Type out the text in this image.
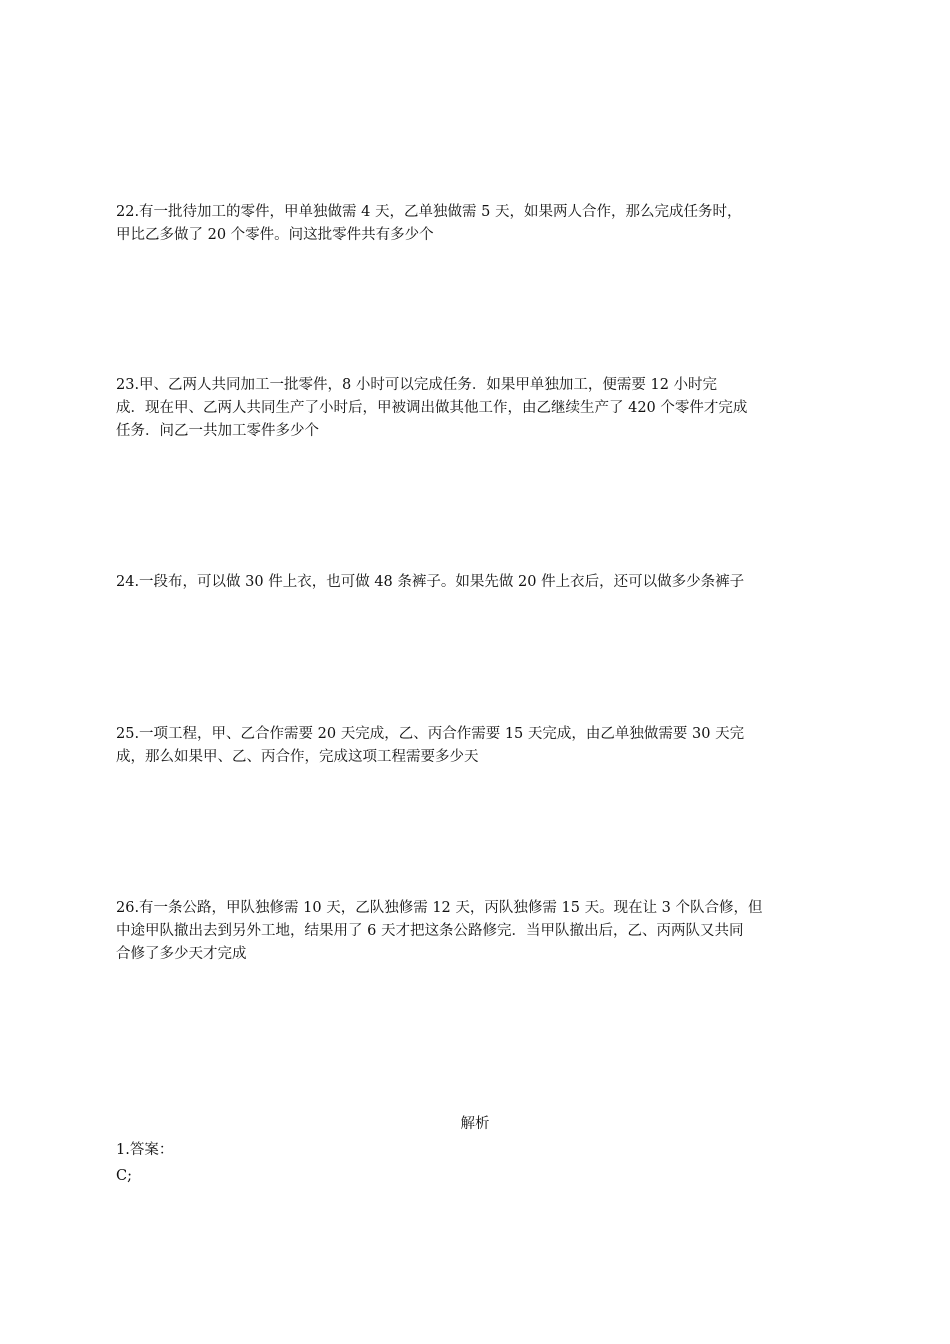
22.有一批待加工的零件，甲单独做需 4 天，乙单独做需 5 天，如果两人合作，那么完成任务时，

甲比乙多做了 20 个零件。问这批零件共有多少个

23.甲、乙两人共同加工一批零件，8 小时可以完成任务．如果甲单独加工，便需要 12 小时完

成．现在甲、乙两人共同生产了小时后，甲被调出做其他工作，由乙继续生产了 420 个零件才完成

任务．问乙一共加工零件多少个

24.一段布，可以做 30 件上衣，也可做 48 条裤子。如果先做 20 件上衣后，还可以做多少条裤子

25.一项工程，甲、乙合作需要 20 天完成，乙、丙合作需要 15 天完成，由乙单独做需要 30 天完

成，那么如果甲、乙、丙合作，完成这项工程需要多少天

26.有一条公路，甲队独修需 10 天，乙队独修需 12 天，丙队独修需 15 天。现在让 3 个队合修，但

中途甲队撤出去到另外工地，结果用了 6 天才把这条公路修完．当甲队撤出后，乙、丙两队又共同

合修了多少天才完成

解析

1.答案：

C;
